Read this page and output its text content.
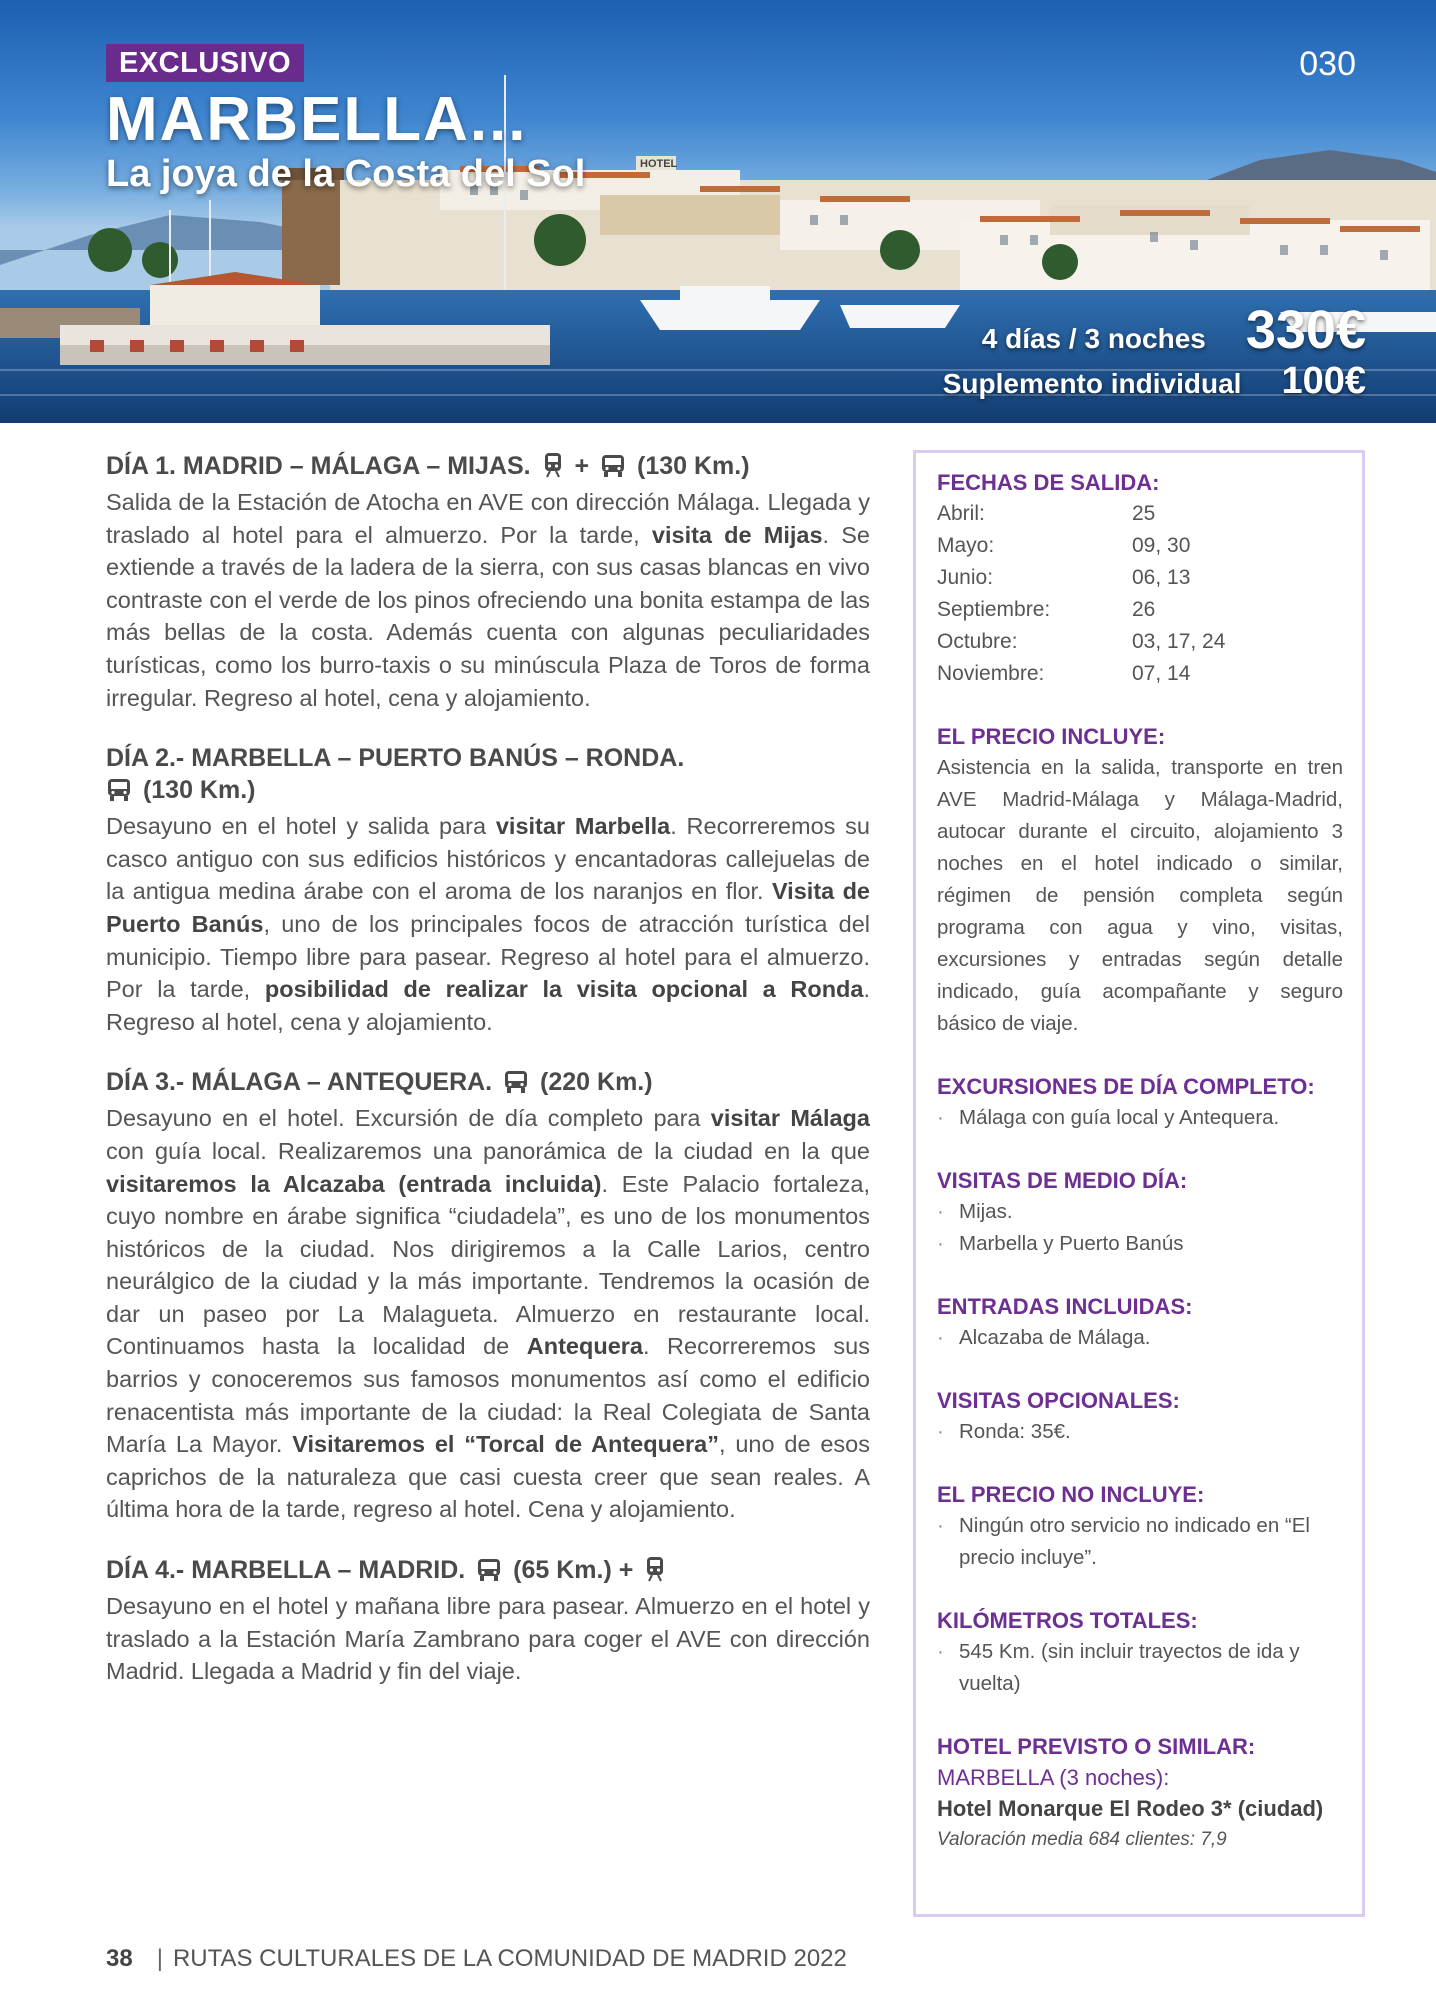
HOTEL
EXCLUSIVO	030
MARBELLA...
La joya de la Costa del Sol
4 días / 3 noches 330€
Suplemento individual 100€

DÍA 1. MADRID – MÁLAGA – MIJAS. + (130 Km.)

Salida de la Estación de Atocha en AVE con dirección Málaga. Llegada y traslado al hotel para el almuerzo. Por la tarde, visita de Mijas. Se extiende a través de la ladera de la sierra, con sus casas blancas en vivo contraste con el verde de los pinos ofreciendo una bonita estampa de las más bellas de la costa. Además cuenta con algunas peculiaridades turísticas, como los burro-taxis o su minúscula Plaza de Toros de forma irregular. Regreso al hotel, cena y alojamiento.

DÍA 2.- MARBELLA – PUERTO BANÚS – RONDA.
(130 Km.)

Desayuno en el hotel y salida para visitar Marbella. Recorreremos su casco antiguo con sus edificios históricos y encantadoras callejuelas de la antigua medina árabe con el aroma de los naranjos en flor. Visita de Puerto Banús, uno de los principales focos de atracción turística del municipio. Tiempo libre para pasear. Regreso al hotel para el almuerzo. Por la tarde, posibilidad de realizar la visita opcional a Ronda. Regreso al hotel, cena y alojamiento.

DÍA 3.- MÁLAGA – ANTEQUERA. (220 Km.)

Desayuno en el hotel. Excursión de día completo para visitar Málaga con guía local. Realizaremos una panorámica de la ciudad en la que visitaremos la Alcazaba (entrada incluida). Este Palacio fortaleza, cuyo nombre en árabe significa “ciudadela”, es uno de los monumentos históricos de la ciudad. Nos dirigiremos a la Calle Larios, centro neurálgico de la ciudad y la más importante. Tendremos la ocasión de dar un paseo por La Malagueta. Almuerzo en restaurante local. Continuamos hasta la localidad de Antequera. Recorreremos sus barrios y conoceremos sus famosos monumentos así como el edificio renacentista más importante de la ciudad: la Real Colegiata de Santa María La Mayor. Visitaremos el “Torcal de Antequera”, uno de esos caprichos de la naturaleza que casi cuesta creer que sean reales. A última hora de la tarde, regreso al hotel. Cena y alojamiento.

DÍA 4.- MARBELLA – MADRID. (65 Km.) +

Desayuno en el hotel y mañana libre para pasear. Almuerzo en el hotel y traslado a la Estación María Zambrano para coger el AVE con dirección Madrid. Llegada a Madrid y fin del viaje.

FECHAS DE SALIDA:

Abril:	25
Mayo:	09, 30
Junio:	06, 13
Septiembre:	26
Octubre:	03, 17, 24
Noviembre:	07, 14

EL PRECIO INCLUYE:

Asistencia en la salida, transporte en tren AVE Madrid-Málaga y Málaga-Madrid, autocar durante el circuito, alojamiento 3 noches en el hotel indicado o similar, régimen de pensión completa según programa con agua y vino, visitas, excursiones y entradas según detalle indicado, guía acompañante y seguro básico de viaje.

EXCURSIONES DE DÍA COMPLETO:

· Málaga con guía local y Antequera.

VISITAS DE MEDIO DÍA:

· Mijas.
· Marbella y Puerto Banús

ENTRADAS INCLUIDAS:

· Alcazaba de Málaga.

VISITAS OPCIONALES:

· Ronda: 35€.

EL PRECIO NO INCLUYE:

· Ningún otro servicio no indicado en “El precio incluye”.

KILÓMETROS TOTALES:

· 545 Km. (sin incluir trayectos de ida y vuelta)

HOTEL PREVISTO O SIMILAR:

MARBELLA (3 noches):

Hotel Monarque El Rodeo 3* (ciudad)

Valoración media 684 clientes: 7,9

38 | RUTAS CULTURALES DE LA COMUNIDAD DE MADRID 2022
